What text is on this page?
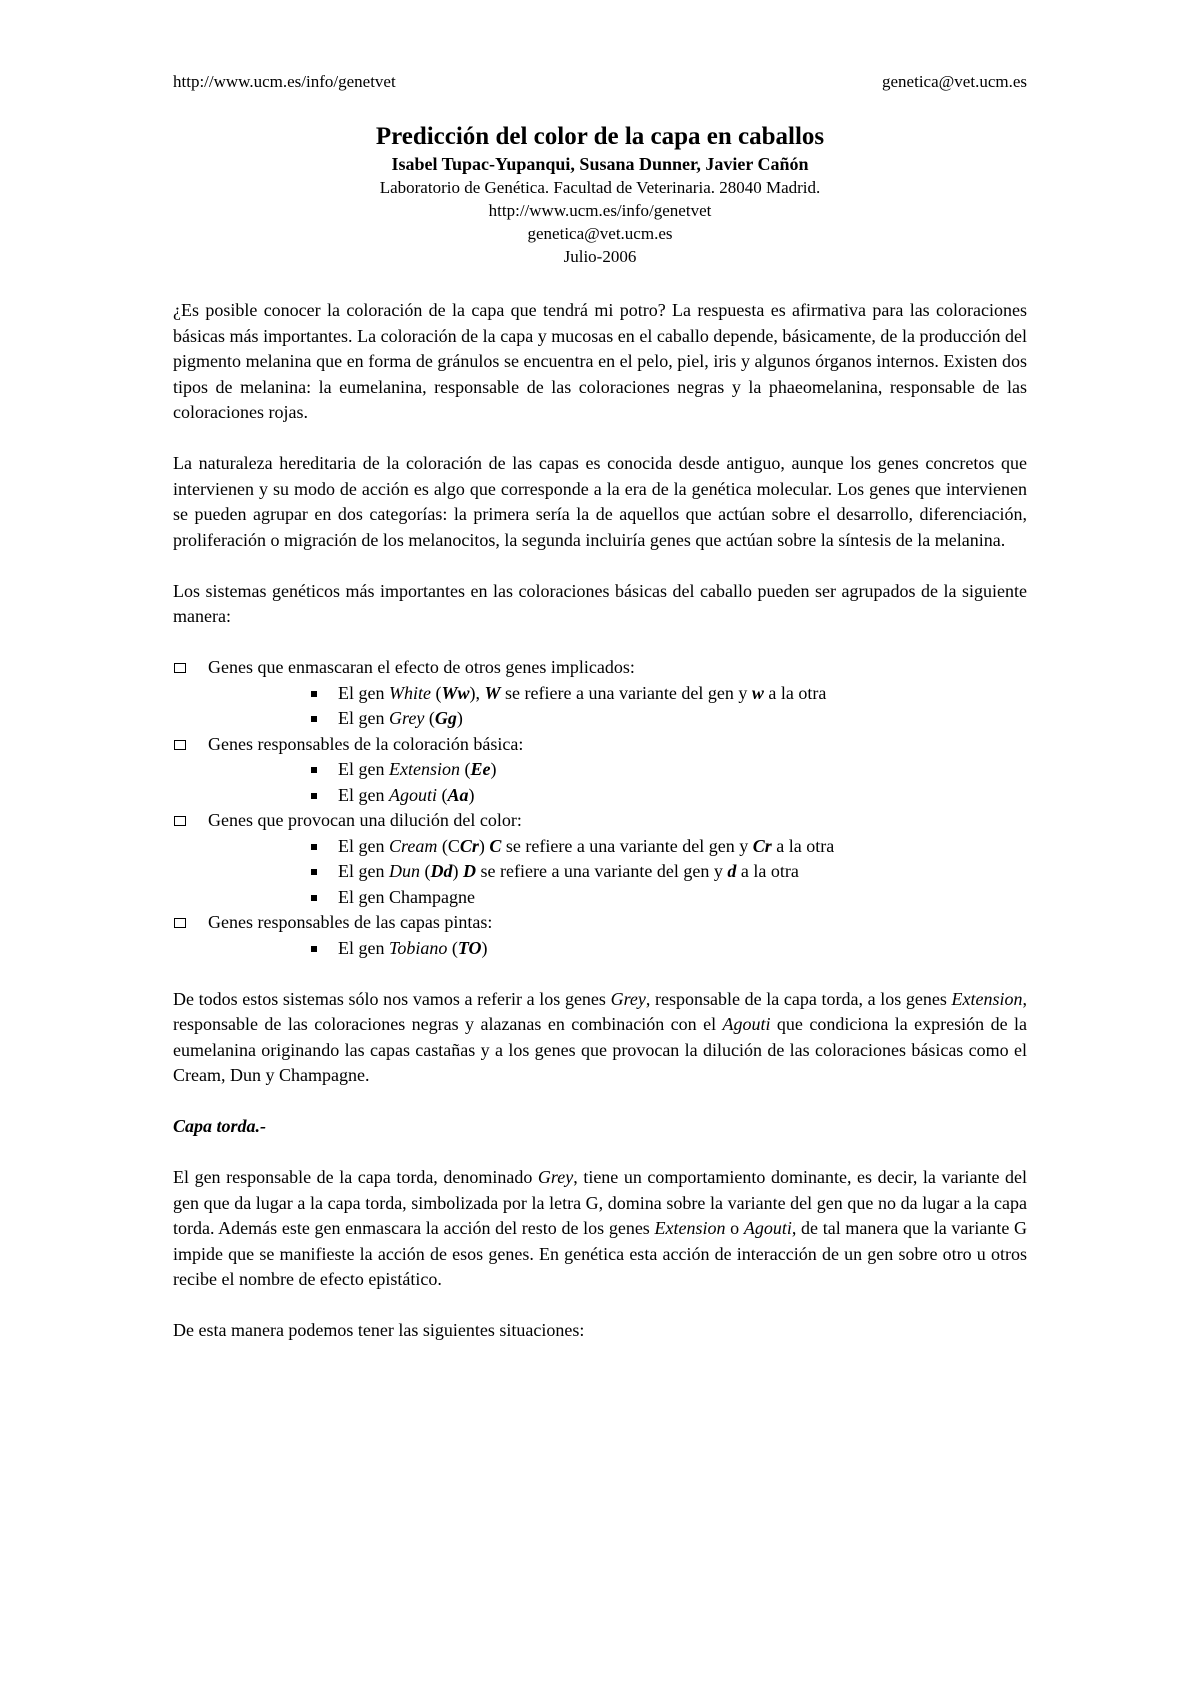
http://www.ucm.es/info/genetvet	genetica@vet.ucm.es
Predicción del color de la capa en caballos
Isabel Tupac-Yupanqui, Susana Dunner, Javier Cañón
Laboratorio de Genética. Facultad de Veterinaria. 28040 Madrid.
http://www.ucm.es/info/genetvet
genetica@vet.ucm.es
Julio-2006

¿Es posible conocer la coloración de la capa que tendrá mi potro? La respuesta es afirmativa para las coloraciones básicas más importantes. La coloración de la capa y mucosas en el caballo depende, básicamente, de la producción del pigmento melanina que en forma de gránulos se encuentra en el pelo, piel, iris y algunos órganos internos. Existen dos tipos de melanina: la eumelanina, responsable de las coloraciones negras y la phaeomelanina, responsable de las coloraciones rojas.

La naturaleza hereditaria de la coloración de las capas es conocida desde antiguo, aunque los genes concretos que intervienen y su modo de acción es algo que corresponde a la era de la genética molecular. Los genes que intervienen se pueden agrupar en dos categorías: la primera sería la de aquellos que actúan sobre el desarrollo, diferenciación, proliferación o migración de los melanocitos, la segunda incluiría genes que actúan sobre la síntesis de la melanina.

Los sistemas genéticos más importantes en las coloraciones básicas del caballo pueden ser agrupados de la siguiente manera:

Genes que enmascaran el efecto de otros genes implicados:
El gen White (Ww), W se refiere a una variante del gen y w a la otra
El gen Grey (Gg)
Genes responsables de la coloración básica:
El gen Extension (Ee)
El gen Agouti (Aa)
Genes que provocan una dilución del color:
El gen Cream (CCr) C se refiere a una variante del gen y Cr a la otra
El gen Dun (Dd) D se refiere a una variante del gen y d a la otra
El gen Champagne
Genes responsables de las capas pintas:
El gen Tobiano (TO)

De todos estos sistemas sólo nos vamos a referir a los genes Grey, responsable de la capa torda, a los genes Extension, responsable de las coloraciones negras y alazanas en combinación con el Agouti que condiciona la expresión de la eumelanina originando las capas castañas y a los genes que provocan la dilución de las coloraciones básicas como el Cream, Dun y Champagne.

Capa torda.-

El gen responsable de la capa torda, denominado Grey, tiene un comportamiento dominante, es decir, la variante del gen que da lugar a la capa torda, simbolizada por la letra G, domina sobre la variante del gen que no da lugar a la capa torda. Además este gen enmascara la acción del resto de los genes Extension o Agouti, de tal manera que la variante G impide que se manifieste la acción de esos genes. En genética esta acción de interacción de un gen sobre otro u otros recibe el nombre de efecto epistático.

De esta manera podemos tener las siguientes situaciones:
